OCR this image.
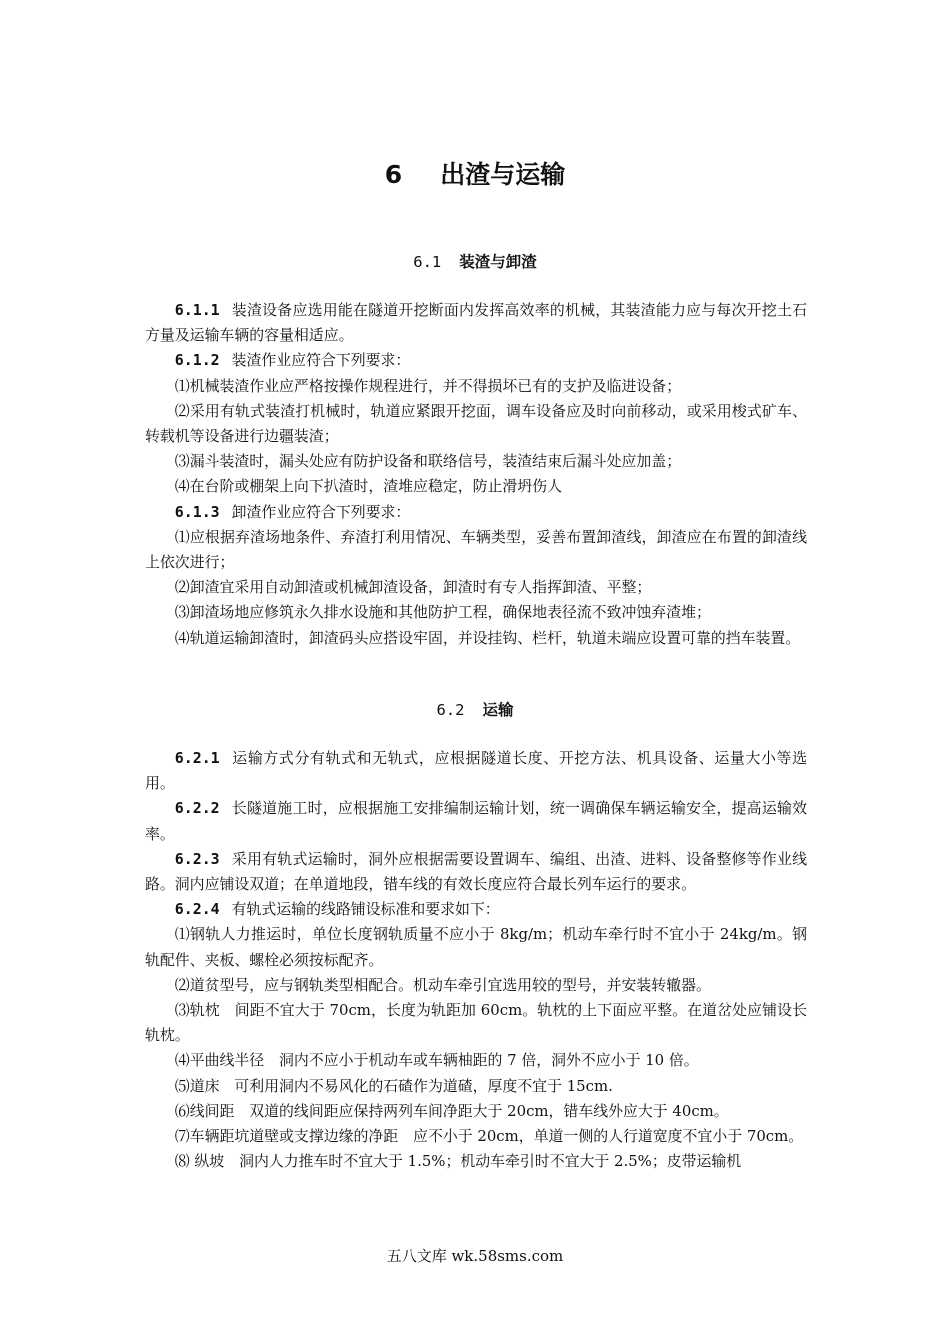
6 出渣与运输
6.1 装渣与卸渣

6.1.1 装渣设备应选用能在隧道开挖断面内发挥高效率的机械，其装渣能力应与每次开挖土石方量及运输车辆的容量相适应。

6.1.2 装渣作业应符合下列要求：

⑴机械装渣作业应严格按操作规程进行，并不得损坏已有的支护及临进设备；

⑵采用有轨式装渣打机械时，轨道应紧跟开挖面，调车设备应及时向前移动，或采用梭式矿车、转载机等设备进行边疆装渣；

⑶漏斗装渣时，漏头处应有防护设备和联络信号，装渣结束后漏斗处应加盖；

⑷在台阶或棚架上向下扒渣时，渣堆应稳定，防止滑坍伤人

6.1.3 卸渣作业应符合下列要求：

⑴应根据弃渣场地条件、弃渣打利用情况、车辆类型，妥善布置卸渣线，卸渣应在布置的卸渣线上依次进行；

⑵卸渣宜采用自动卸渣或机械卸渣设备，卸渣时有专人指挥卸渣、平整；

⑶卸渣场地应修筑永久排水设施和其他防护工程，确保地表径流不致冲蚀弃渣堆；

⑷轨道运输卸渣时，卸渣码头应搭设牢固，并设挂钩、栏杆，轨道未端应设置可靠的挡车装置。

6.2 运输

6.2.1 运输方式分有轨式和无轨式，应根据隧道长度、开挖方法、机具设备、运量大小等选用。

6.2.2 长隧道施工时，应根据施工安排编制运输计划，统一调确保车辆运输安全，提高运输效率。

6.2.3 采用有轨式运输时，洞外应根据需要设置调车、编组、出渣、进料、设备整修等作业线路。洞内应铺设双道；在单道地段，错车线的有效长度应符合最长列车运行的要求。

6.2.4 有轨式运输的线路铺设标准和要求如下：

⑴钢轨人力推运时，单位长度钢轨质量不应小于 8kg/m；机动车牵行时不宜小于 24kg/m。钢轨配件、夹板、螺栓必须按标配齐。

⑵道贫型号，应与钢轨类型相配合。机动车牵引宜选用较的型号，并安装转辙器。

⑶轨枕　间距不宜大于 70cm，长度为轨距加 60cm。轨枕的上下面应平整。在道岔处应铺设长轨枕。

⑷平曲线半径　洞内不应小于机动车或车辆柚距的 7 倍，洞外不应小于 10 倍。

⑸道床　可利用洞内不易风化的石碴作为道碴，厚度不宜于 15cm.

⑹线间距　双道的线间距应保持两列车间净距大于 20cm，错车线外应大于 40cm。

⑺车辆距坑道壁或支撑边缘的净距　应不小于 20cm，单道一侧的人行道宽度不宜小于 70cm。

⑻ 纵坡　洞内人力推车时不宜大于 1.5%；机动车牵引时不宜大于 2.5%；皮带运输机

五八文库 wk.58sms.com
